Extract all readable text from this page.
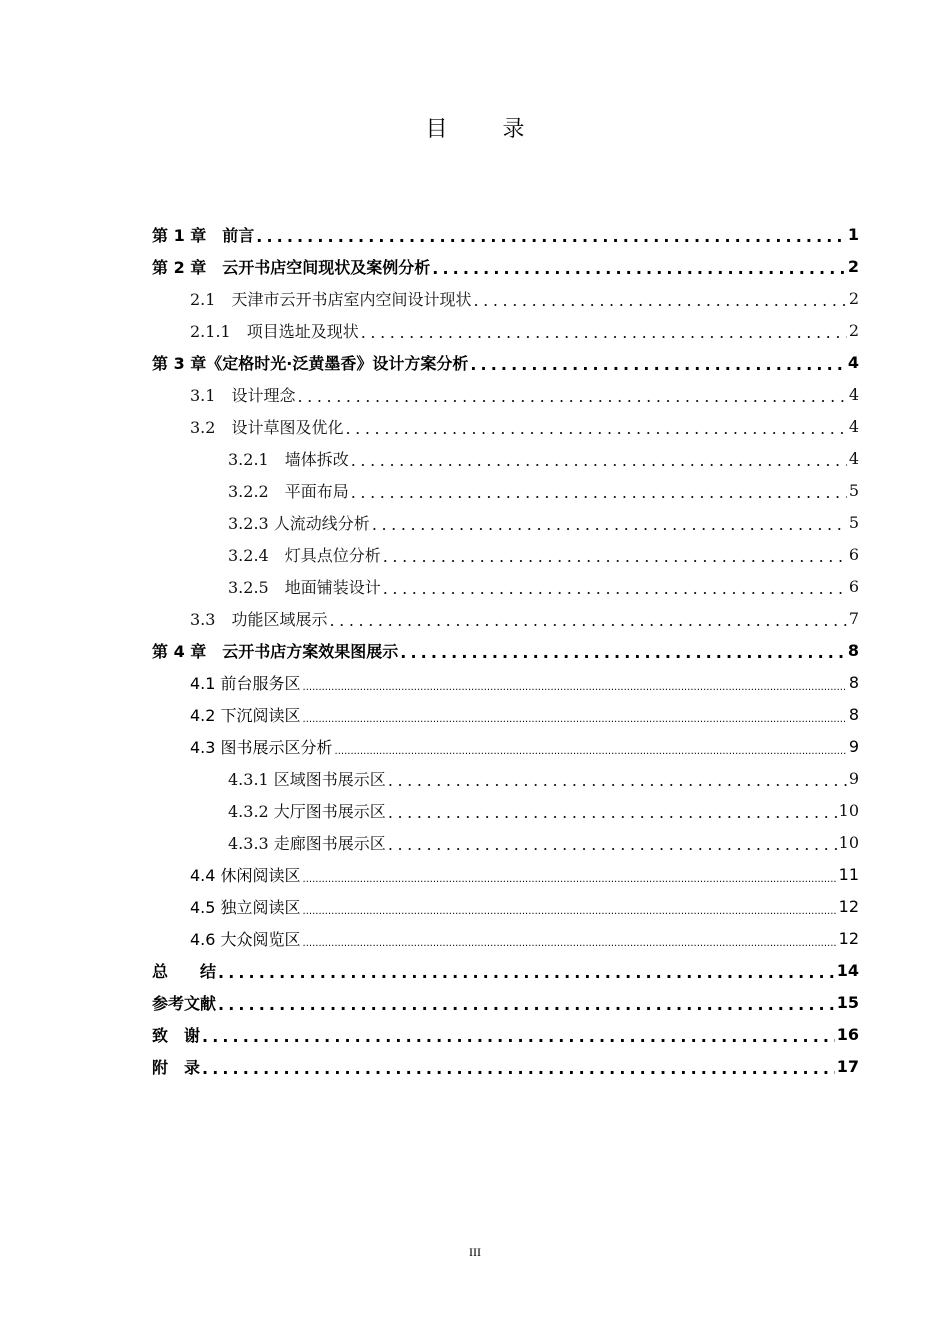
目	录
第 1 章　前言 .....	1
第 2 章　云开书店空间现状及案例分析 .....	2
2.1　天津市云开书店室内空间设计现状 .....	2
2.1.1　项目选址及现状 .....	2
第 3 章《定格时光·泛黄墨香》设计方案分析 .....	4
3.1　设计理念 .....	4
3.2　设计草图及优化 .....	4
3.2.1　墙体拆改 .....	4
3.2.2　平面布局 .....	5
3.2.3 人流动线分析 .....	5
3.2.4　灯具点位分析 .....	6
3.2.5　地面铺装设计 .....	6
3.3　功能区域展示 .....	7
第 4 章　云开书店方案效果图展示 .....	8
4.1 前台服务区 .....	8
4.2 下沉阅读区 .....	8
4.3 图书展示区分析 .....	9
4.3.1 区域图书展示区 .....	9
4.3.2 大厅图书展示区 .....	10
4.3.3 走廊图书展示区 .....	10
4.4 休闲阅读区 .....	11
4.5 独立阅读区 .....	12
4.6 大众阅览区 .....	12
总　　结 .....	14
参考文献 .....	15
致　谢 .....	16
附　录 .....	17
III
